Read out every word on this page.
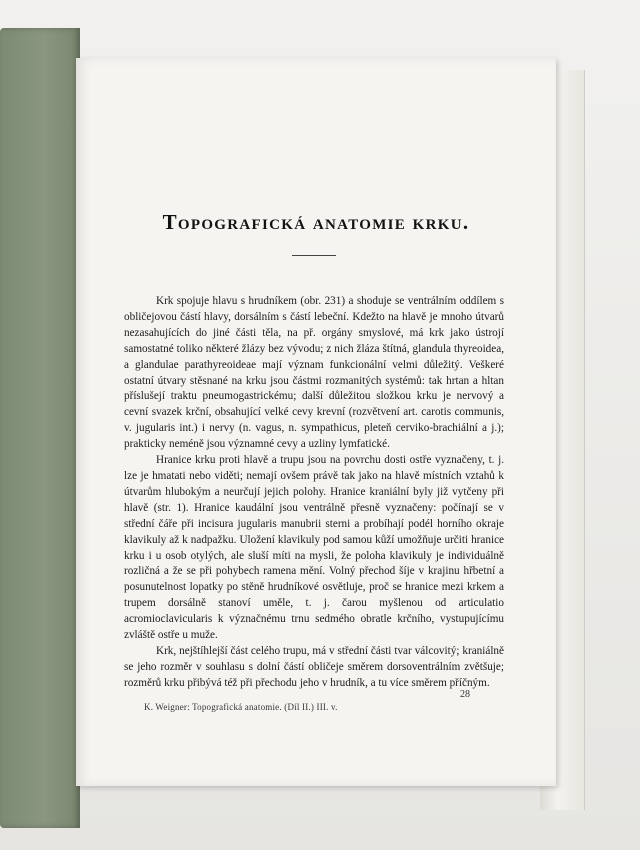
Topografická anatomie krku.

Krk spojuje hlavu s hrudníkem (obr. 231) a shoduje se ventrálním oddílem s obličejovou částí hlavy, dorsálním s částí lebeční. Kdežto na hlavě je mnoho útvarů nezasahujících do jiné části těla, na př. orgány smyslové, má krk jako ústrojí samostatné toliko některé žlázy bez vývodu; z nich žláza štítná, glandula thyreoidea, a glandulae parathyreoideae mají význam funkcionální velmi důležitý. Veškeré ostatní útvary stěsnané na krku jsou částmi rozmanitých systémů: tak hrtan a hltan příslušejí traktu pneumogastrickému; další důležitou složkou krku je nervový a cevní svazek krční, obsahující velké cevy krevní (rozvětvení art. carotis communis, v. jugularis int.) i nervy (n. vagus, n. sympathicus, pleteň cerviko-brachiální a j.); prakticky neméně jsou významné cevy a uzliny lymfatické.

Hranice krku proti hlavě a trupu jsou na povrchu dosti ostře vyznačeny, t. j. lze je hmatati nebo viděti; nemají ovšem právě tak jako na hlavě místních vztahů k útvarům hlubokým a neurčují jejich polohy. Hranice kraniální byly již vytčeny při hlavě (str. 1). Hranice kaudální jsou ventrálně přesně vyznačeny: počínají se v střední čáře při incisura jugularis manubrii sterni a probíhají podél horního okraje klavikuly až k nadpažku. Uložení klavikuly pod samou kůží umožňuje určiti hranice krku i u osob otylých, ale sluší míti na mysli, že poloha klavikuly je individuálně rozličná a že se při pohybech ramena mění. Volný přechod šíje v krajinu hřbetní a posunutelnost lopatky po stěně hrudníkové osvětluje, proč se hranice mezi krkem a trupem dorsálně stanoví uměle, t. j. čarou myšlenou od articulatio acromioclavicularis k význačnému trnu sedmého obratle krčního, vystupujícímu zvláště ostře u muže.

Krk, nejštíhlejší část celého trupu, má v střední části tvar válcovitý; kraniálně se jeho rozměr v souhlasu s dolní částí obličeje směrem dorsoventrálním zvětšuje; rozměrů krku přibývá též při přechodu jeho v hrudník, a tu více směrem příčným.

28
K. Weigner: Topografická anatomie. (Díl II.) III. v.
